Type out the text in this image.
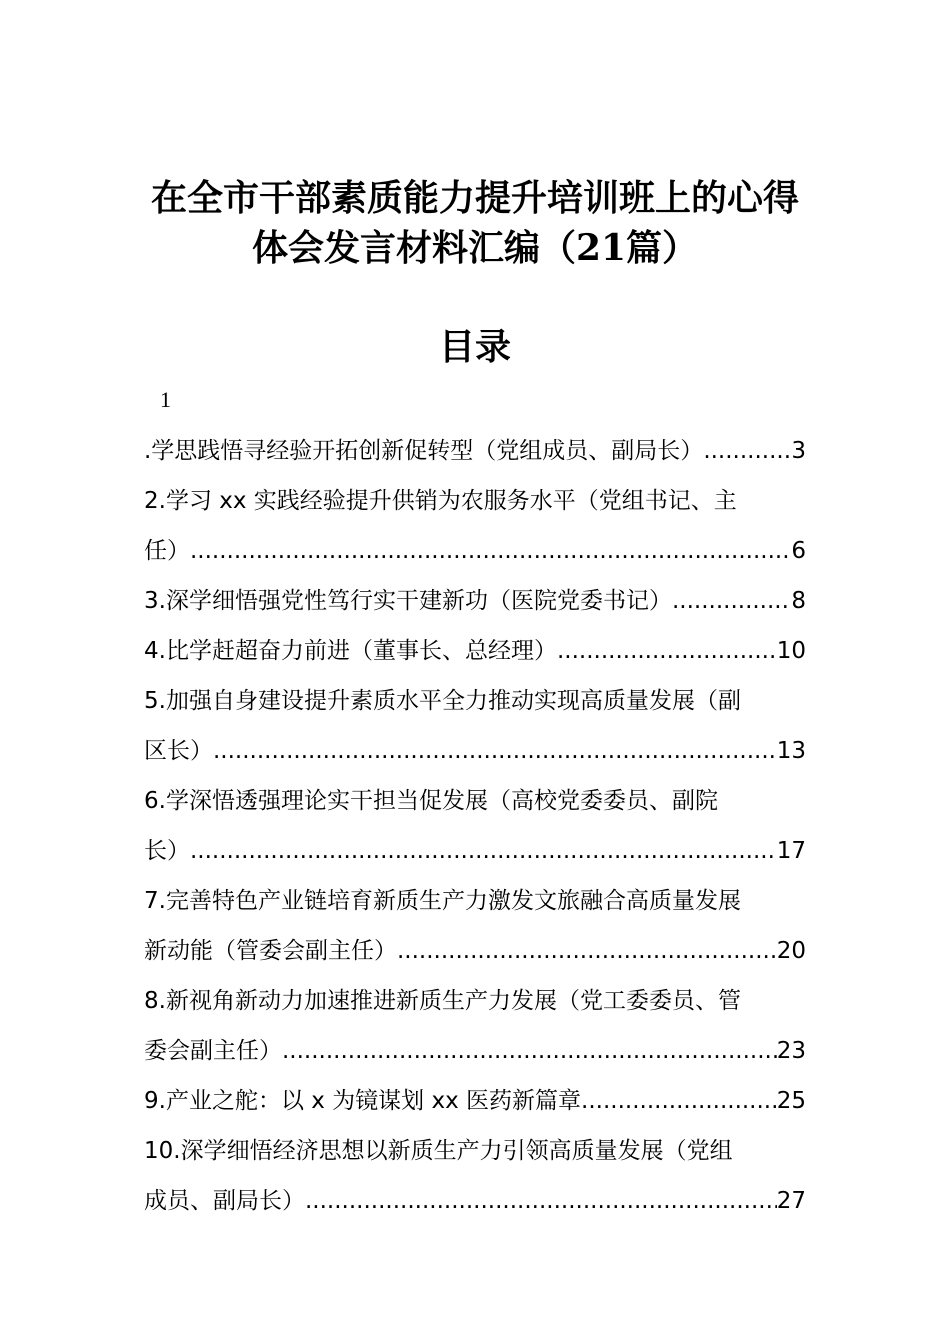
在全市干部素质能力提升培训班上的心得
体会发言材料汇编（21篇）
目录
1
.学思践悟寻经验开拓创新促转型（党组成员、副局长） .....	3
2.学习 xx 实践经验提升供销为农服务水平（党组书记、主
任） .....	6
3.深学细悟强党性笃行实干建新功（医院党委书记） .....	8
4.比学赶超奋力前进（董事长、总经理） .....	10
5.加强自身建设提升素质水平全力推动实现高质量发展（副
区长） .....	13
6.学深悟透强理论实干担当促发展（高校党委委员、副院
长） .....	17
7.完善特色产业链培育新质生产力激发文旅融合高质量发展
新动能（管委会副主任） .....	20
8.新视角新动力加速推进新质生产力发展（党工委委员、管
委会副主任） .....	23
9.产业之舵：以 x 为镜谋划 xx 医药新篇章 .....	25
10.深学细悟经济思想以新质生产力引领高质量发展（党组
成员、副局长） .....	27
